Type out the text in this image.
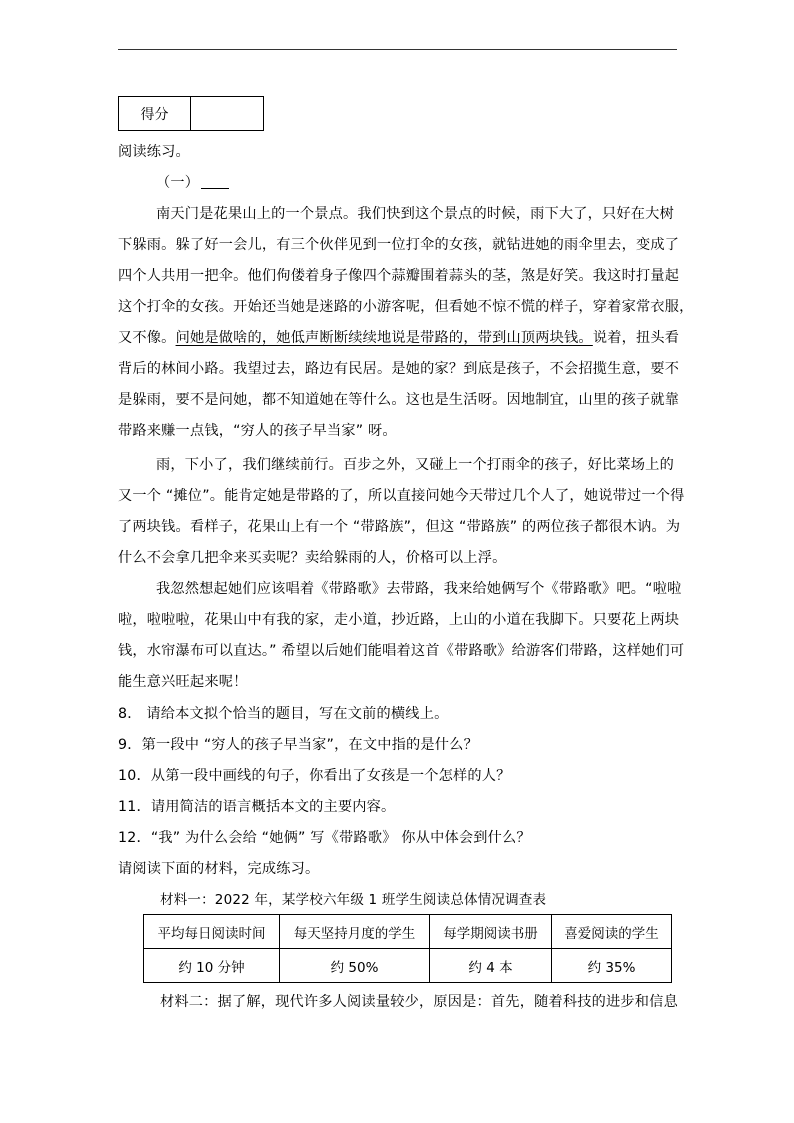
得分
阅读练习。
（一）
南天门是花果山上的一个景点。我们快到这个景点的时候，雨下大了，只好在大树
下躲雨。躲了好一会儿，有三个伙伴见到一位打伞的女孩，就钻进她的雨伞里去，变成了
四个人共用一把伞。他们佝偻着身子像四个蒜瓣围着蒜头的茎，煞是好笑。我这时打量起
这个打伞的女孩。开始还当她是迷路的小游客呢，但看她不惊不慌的样子，穿着家常衣服，
又不像。问她是做啥的，她低声断断续续地说是带路的，带到山顶两块钱。说着，扭头看
背后的林间小路。我望过去，路边有民居。是她的家？到底是孩子，不会招揽生意，要不
是躲雨，要不是问她，都不知道她在等什么。这也是生活呀。因地制宜，山里的孩子就靠
带路来赚一点钱，“穷人的孩子早当家” 呀。
雨，下小了，我们继续前行。百步之外，又碰上一个打雨伞的孩子，好比菜场上的
又一个 “摊位”。能肯定她是带路的了，所以直接问她今天带过几个人了，她说带过一个得
了两块钱。看样子，花果山上有一个 “带路族”，但这 “带路族” 的两位孩子都很木讷。为
什么不会拿几把伞来买卖呢？卖给躲雨的人，价格可以上浮。
我忽然想起她们应该唱着《带路歌》去带路，我来给她俩写个《带路歌》吧。“啦啦
啦，啦啦啦，花果山中有我的家，走小道，抄近路，上山的小道在我脚下。只要花上两块
钱，水帘瀑布可以直达。” 希望以后她们能唱着这首《带路歌》给游客们带路，这样她们可
能生意兴旺起来呢！
8． 请给本文拟个恰当的题目，写在文前的横线上。
9．第一段中 “穷人的孩子早当家”，在文中指的是什么？
10．从第一段中画线的句子，你看出了女孩是一个怎样的人？
11．请用简洁的语言概括本文的主要内容。
12．“我” 为什么会给 “她俩” 写《带路歌》 你从中体会到什么？
请阅读下面的材料，完成练习。
材料一：2022 年，某学校六年级 1 班学生阅读总体情况调查表
平均每日阅读时间	每天坚持月度的学生	每学期阅读书册	喜爱阅读的学生
约 10 分钟	约 50%	约 4 本	约 35%
材料二：据了解，现代许多人阅读量较少，原因是：首先，随着科技的进步和信息
